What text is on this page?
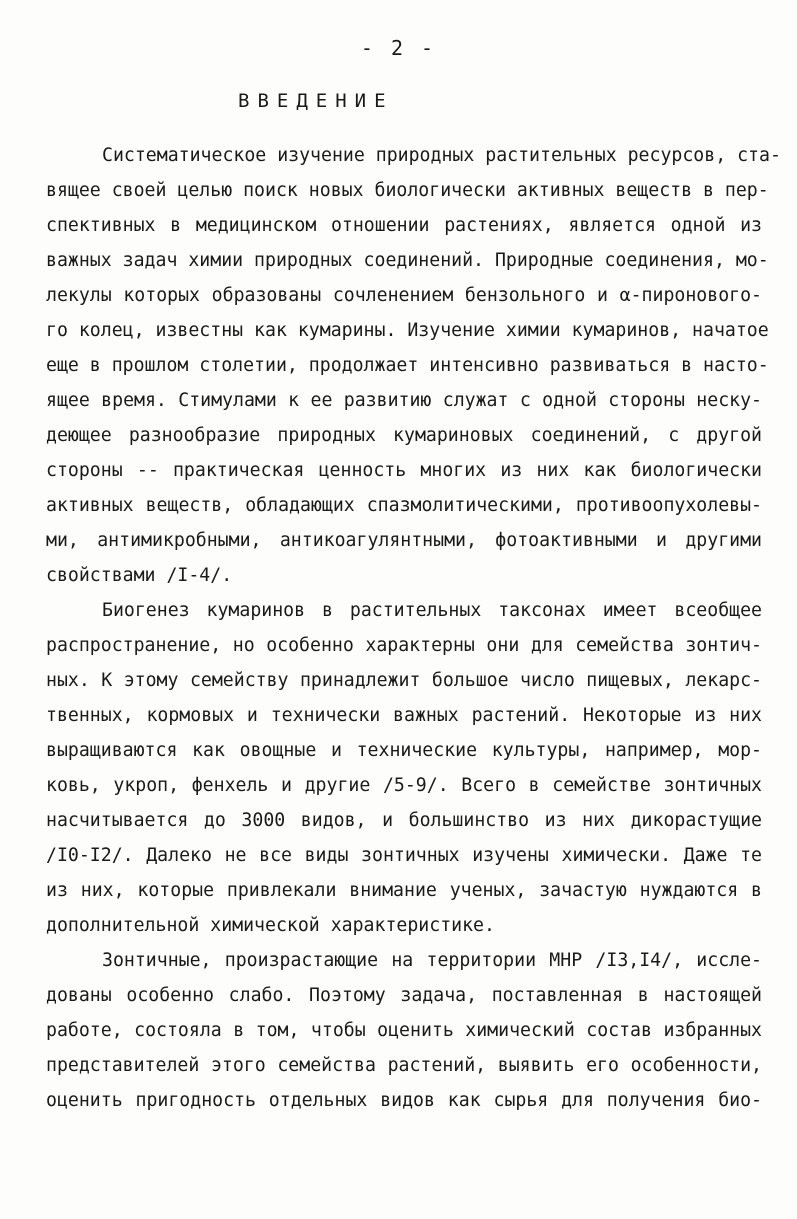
- 2 -
ВВЕДЕНИЕ
Систематическое изучение природных растительных ресурсов, ста-
вящее своей целью поиск новых биологически активных веществ в пер-
спективных в медицинском отношении растениях, является одной из
важных задач химии природных соединений. Природные соединения, мо-
лекулы которых образованы сочленением бензольного и α-пиронового-
го колец, известны как кумарины. Изучение химии кумаринов, начатое
еще в прошлом столетии, продолжает интенсивно развиваться в насто-
ящее время. Стимулами к ее развитию служат с одной стороны неску-
деющее разнообразие природных кумариновых соединений, с другой
стороны -- практическая ценность многих из них как биологически
активных веществ, обладающих спазмолитическими, противоопухолевы-
ми, антимикробными, антикоагулянтными, фотоактивными и другими
свойствами /I-4/.
Биогенез кумаринов в растительных таксонах имеет всеобщее
распространение, но особенно характерны они для семейства зонтич-
ных. К этому семейству принадлежит большое число пищевых, лекарс-
твенных, кормовых и технически важных растений. Некоторые из них
выращиваются как овощные и технические культуры, например, мор-
ковь, укроп, фенхель и другие /5-9/. Всего в семействе зонтичных
насчитывается до 3000 видов, и большинство из них дикорастущие
/I0-I2/. Далеко не все виды зонтичных изучены химически. Даже те
из них, которые привлекали внимание ученых, зачастую нуждаются в
дополнительной химической характеристике.
Зонтичные, произрастающие на территории МНР /I3,I4/, иссле-
дованы особенно слабо. Поэтому задача, поставленная в настоящей
работе, состояла в том, чтобы оценить химический состав избранных
представителей этого семейства растений, выявить его особенности,
оценить пригодность отдельных видов как сырья для получения био-
